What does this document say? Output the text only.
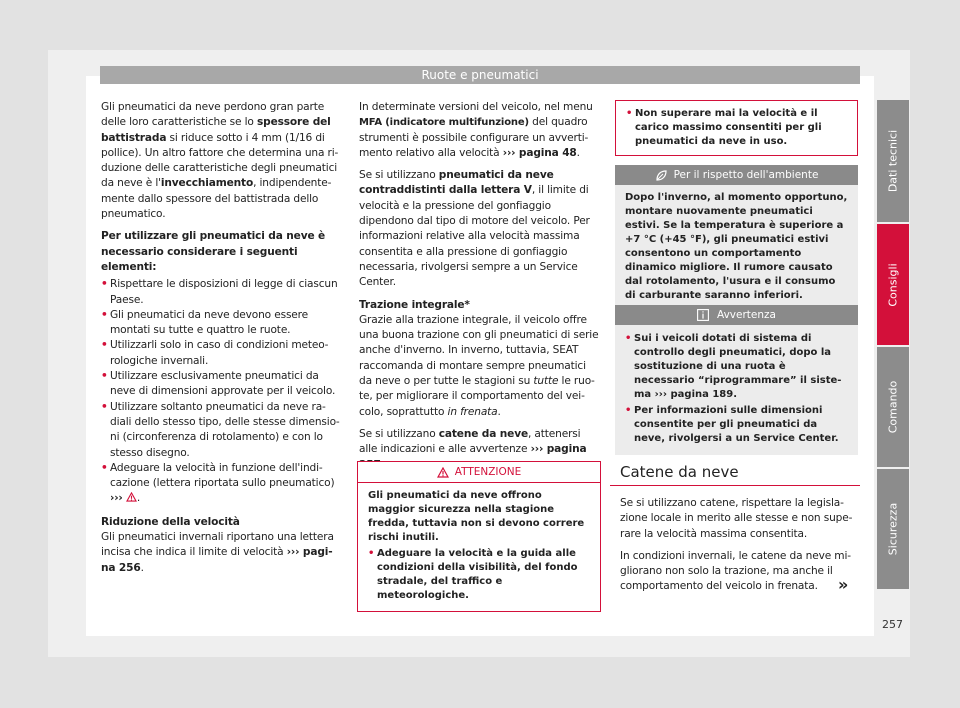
Ruote e pneumatici

Gli pneumatici da neve perdono gran parte delle loro caratteristiche se lo spessore del battistrada si riduce sotto i 4 mm (1/16 di pollice). Un altro fattore che determina una riduzione delle caratteristiche degli pneumatici da neve è l'invecchiamento, indipendentemente dallo spessore del battistrada dello pneumatico.

Per utilizzare gli pneumatici da neve è necessario considerare i seguenti elementi:

• Rispettare le disposizioni di legge di ciascun Paese.
• Gli pneumatici da neve devono essere montati su tutte e quattro le ruote.
• Utilizzarli solo in caso di condizioni meteorologiche invernali.
• Utilizzare esclusivamente pneumatici da neve di dimensioni approvate per il veicolo.
• Utilizzare soltanto pneumatici da neve radiali dello stesso tipo, delle stesse dimensioni (circonferenza di rotolamento) e con lo stesso disegno.
• Adeguare la velocità in funzione dell'indicazione (lettera riportata sullo pneumatico)
››› .

Riduzione della velocità

Gli pneumatici invernali riportano una lettera incisa che indica il limite di velocità ››› pagina 256.

In determinate versioni del veicolo, nel menu MFA (indicatore multifunzione) del quadro strumenti è possibile configurare un avvertimento relativo alla velocità ››› pagina 48.

Se si utilizzano pneumatici da neve contraddistinti dalla lettera V, il limite di velocità e la pressione del gonfiaggio dipendono dal tipo di motore del veicolo. Per informazioni relative alla velocità massima consentita e alla pressione di gonfiaggio necessaria, rivolgersi sempre a un Service Center.

Trazione integrale*

Grazie alla trazione integrale, il veicolo offre una buona trazione con gli pneumatici di serie anche d'inverno. In inverno, tuttavia, SEAT raccomanda di montare sempre pneumatici da neve o per tutte le stagioni su tutte le ruote, per migliorare il comportamento del veicolo, soprattutto in frenata.

Se si utilizzano catene da neve, attenersi alle indicazioni e alle avvertenze ››› pagina

ATTENZIONE
Gli pneumatici da neve offrono maggior sicurezza nella stagione fredda, tuttavia non si devono correre rischi inutili.
• Adeguare la velocità e la guida alle condizioni della visibilità, del fondo stradale, del traffico e meteorologiche.
• Non superare mai la velocità e il carico massimo consentiti per gli pneumatici da neve in uso.
Per il rispetto dell'ambiente
Dopo l'inverno, al momento opportuno, montare nuovamente pneumatici estivi. Se la temperatura è superiore a +7 °C (+45 °F), gli pneumatici estivi consentono un comportamento dinamico migliore. Il rumore causato dal rotolamento, l'usura e il consumo di carburante saranno inferiori.
Avvertenza
• Sui i veicoli dotati di sistema di controllo degli pneumatici, dopo la sostituzione di una ruota è necessario “riprogrammare” il sistema ››› pagina 189.
• Per informazioni sulle dimensioni consentite per gli pneumatici da neve, rivolgersi a un Service Center.
Catene da neve

Se si utilizzano catene, rispettare la legislazione locale in merito alle stesse e non superare la velocità massima consentita.

In condizioni invernali, le catene da neve migliorano non solo la trazione, ma anche il comportamento del veicolo in frenata.	»
Dati tecnici
Consigli
Comando
Sicurezza
257
